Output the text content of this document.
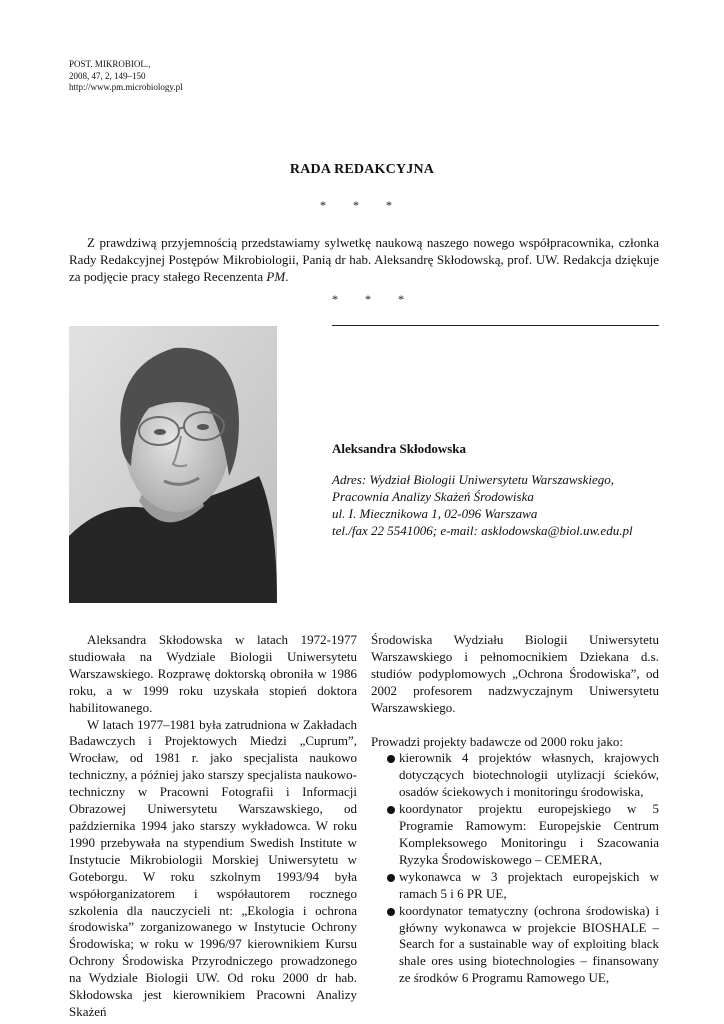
POST. MIKROBIOL.,
2008, 47, 2, 149–150
http://www.pm.microbiology.pl
RADA REDAKCYJNA
* * *

Z prawdziwą przyjemnością przedstawiamy sylwetkę naukową naszego nowego współpracownika, członka Rady Redakcyjnej Postępów Mikrobiologii, Panią dr hab. Aleksandrę Skłodowską, prof. UW. Redakcja dziękuje za podjęcie pracy stałego Recenzenta PM.

* * *
Aleksandra Skłodowska
Adres: Wydział Biologii Uniwersytetu Warszawskiego,
Pracownia Analizy Skażeń Środowiska
ul. I. Miecznikowa 1, 02-096 Warszawa
tel./fax 22 5541006; e-mail: asklodowska@biol.uw.edu.pl

Aleksandra Skłodowska w latach 1972-1977 studiowała na Wydziale Biologii Uniwersytetu Warszawskiego. Rozprawę doktorską obroniła w 1986 roku, a w 1999 roku uzyskała stopień doktora habilitowanego.

W latach 1977–1981 była zatrudniona w Zakładach Badawczych i Projektowych Miedzi „Cuprum”, Wrocław, od 1981 r. jako specjalista naukowo techniczny, a później jako starszy specjalista naukowo-techniczny w Pracowni Fotografii i Informacji Obrazowej Uniwersytetu Warszawskiego, od października 1994 jako starszy wykładowca. W roku 1990 przebywała na stypendium Swedish Institute w Instytucie Mikrobiologii Morskiej Uniwersytetu w Goteborgu. W roku szkolnym 1993/94 była współorganizatorem i współautorem rocznego szkolenia dla nauczycieli nt: „Ekologia i ochrona środowiska” zorganizowanego w Instytucie Ochrony Środowiska; w roku w 1996/97 kierownikiem Kursu Ochrony Środowiska Przyrodniczego prowadzonego na Wydziale Biologii UW. Od roku 2000 dr hab. Skłodowska jest kierownikiem Pracowni Analizy Skażeń

Środowiska Wydziału Biologii Uniwersytetu Warszawskiego i pełnomocnikiem Dziekana d.s. studiów podyplomowych „Ochrona Środowiska”, od 2002 profesorem nadzwyczajnym Uniwersytetu Warszawskiego.

Prowadzi projekty badawcze od 2000 roku jako:

kierownik 4 projektów własnych, krajowych dotyczących biotechnologii utylizacji ścieków, osadów ściekowych i monitoringu środowiska,
koordynator projektu europejskiego w 5 Programie Ramowym: Europejskie Centrum Kompleksowego Monitoringu i Szacowania Ryzyka Środowiskowego – CEMERA,
wykonawca w 3 projektach europejskich w ramach 5 i 6 PR UE,
koordynator tematyczny (ochrona środowiska) i główny wykonawca w projekcie BIOSHALE – Search for a sustainable way of exploiting black shale ores using biotechnologies – finansowany ze środków 6 Programu Ramowego UE,
